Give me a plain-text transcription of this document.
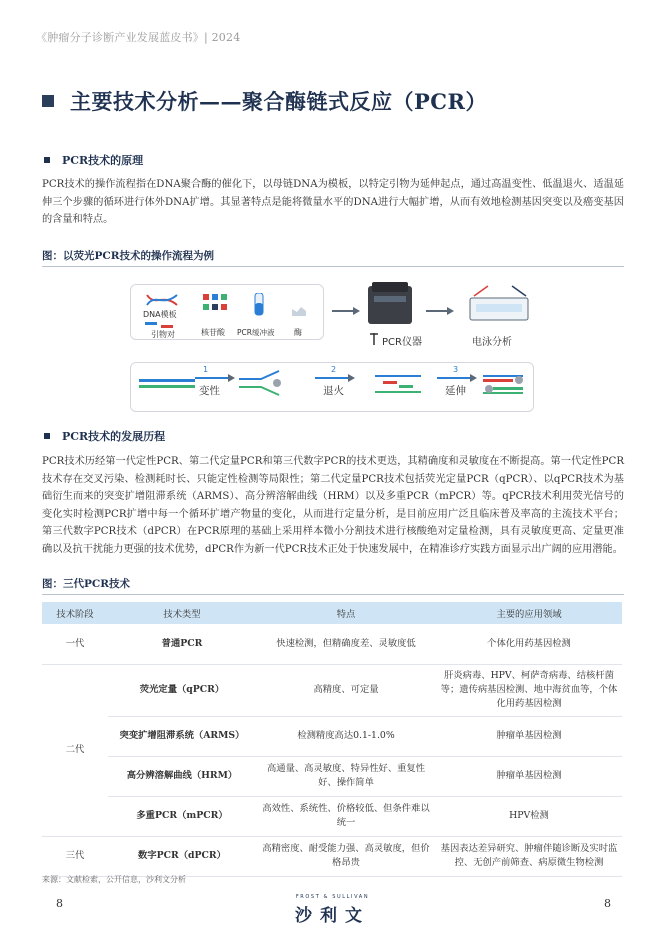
《肿瘤分子诊断产业发展蓝皮书》| 2024
主要技术分析——聚合酶链式反应（PCR）
PCR技术的原理
PCR技术的操作流程指在DNA聚合酶的催化下，以母链DNA为模板，以特定引物为延伸起点，通过高温变性、低温退火、适温延伸三个步骤的循环进行体外DNA扩增。其显著特点是能将微量水平的DNA进行大幅扩增，从而有效地检测基因突变以及癌变基因的含量和特点。
图：以荧光PCR技术的操作流程为例
DNA模板
引物对	核苷酸 PCR缓冲液 酶
PCR仪器	电泳分析
1
变性
2
退火
3
延伸
PCR技术的发展历程
PCR技术历经第一代定性PCR、第二代定量PCR和第三代数字PCR的技术更迭，其精确度和灵敏度在不断提高。第一代定性PCR技术存在交叉污染、检测耗时长、只能定性检测等局限性；第二代定量PCR技术包括荧光定量PCR（qPCR）、以qPCR技术为基础衍生而来的突变扩增阻滞系统（ARMS）、高分辨溶解曲线（HRM）以及多重PCR（mPCR）等。qPCR技术利用荧光信号的变化实时检测PCR扩增中每一个循环扩增产物量的变化，从而进行定量分析，是目前应用广泛且临床普及率高的主流技术平台；第三代数字PCR技术（dPCR）在PCR原理的基础上采用样本微小分割技术进行核酸绝对定量检测，具有灵敏度更高、定量更准确以及抗干扰能力更强的技术优势，dPCR作为新一代PCR技术正处于快速发展中，在精准诊疗实践方面显示出广阔的应用潜能。
图：三代PCR技术
技术阶段	技术类型	特点	主要的应用领域
一代	普通PCR	快速检测，但精确度差、灵敏度低	个体化用药基因检测
二代	荧光定量（qPCR）	高精度、可定量	肝炎病毒、HPV、柯萨奇病毒、结核杆菌等；遗传病基因检测、地中海贫血等，个体化用药基因检测
	突变扩增阻滞系统（ARMS）	检测精度高达0.1-1.0%	肿瘤单基因检测
	高分辨溶解曲线（HRM）	高通量、高灵敏度、特异性好、重复性好、操作简单	肿瘤单基因检测
	多重PCR（mPCR）	高效性、系统性、价格较低、但条件难以统一	HPV检测
三代	数字PCR（dPCR）	高精密度、耐受能力强、高灵敏度，但价格昂贵	基因表达差异研究、肿瘤伴随诊断及实时监控、无创产前筛查、病原微生物检测
来源：文献检索，公开信息，沙利文分析
8	FROST & SULLIVAN
沙利文
8
